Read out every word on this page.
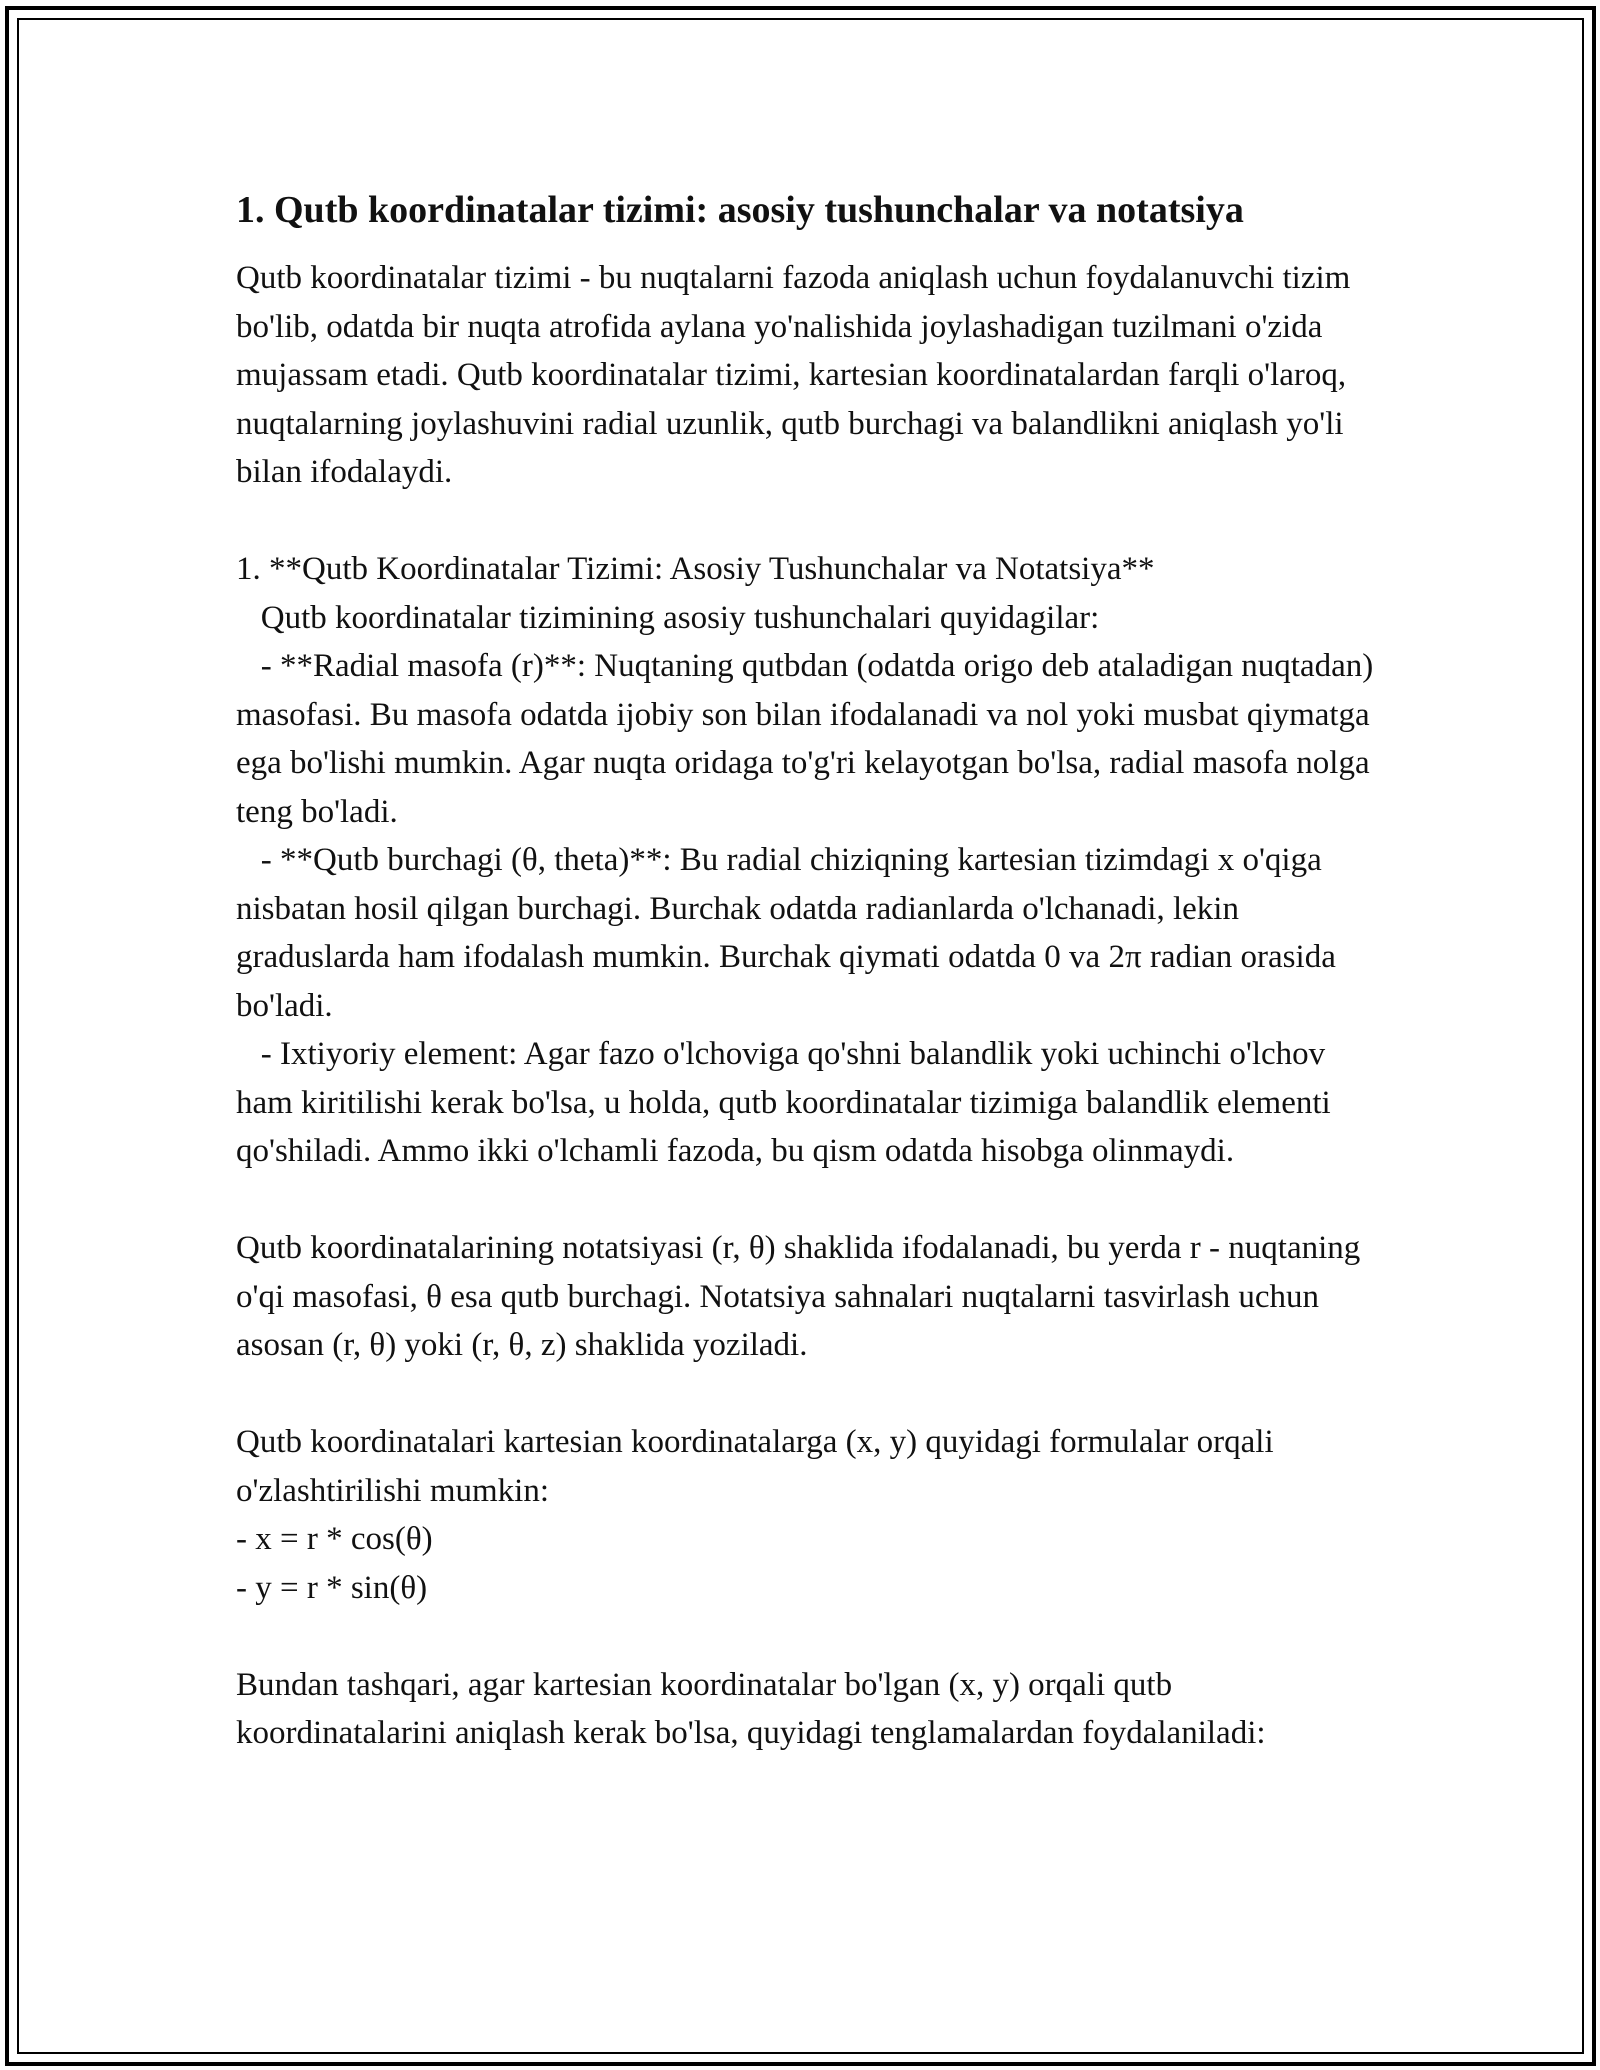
1. Qutb koordinatalar tizimi: asosiy tushunchalar va notatsiya

Qutb koordinatalar tizimi - bu nuqtalarni fazoda aniqlash uchun foydalanuvchi tizim bo'lib, odatda bir nuqta atrofida aylana yo'nalishida joylashadigan tuzilmani o'zida mujassam etadi. Qutb koordinatalar tizimi, kartesian koordinatalardan farqli o'laroq, nuqtalarning joylashuvini radial uzunlik, qutb burchagi va balandlikni aniqlash yo'li bilan ifodalaydi.

1. **Qutb Koordinatalar Tizimi: Asosiy Tushunchalar va Notatsiya**
Qutb koordinatalar tizimining asosiy tushunchalari quyidagilar:
- **Radial masofa (r)**: Nuqtaning qutbdan (odatda origo deb ataladigan nuqtadan) masofasi. Bu masofa odatda ijobiy son bilan ifodalanadi va nol yoki musbat qiymatga ega bo'lishi mumkin. Agar nuqta oridaga to'g'ri kelayotgan bo'lsa, radial masofa nolga teng bo'ladi.
- **Qutb burchagi (θ, theta)**: Bu radial chiziqning kartesian tizimdagi x o'qiga nisbatan hosil qilgan burchagi. Burchak odatda radianlarda o'lchanadi, lekin graduslarda ham ifodalash mumkin. Burchak qiymati odatda 0 va 2π radian orasida bo'ladi.
- Ixtiyoriy element: Agar fazo o'lchoviga qo'shni balandlik yoki uchinchi o'lchov ham kiritilishi kerak bo'lsa, u holda, qutb koordinatalar tizimiga balandlik elementi qo'shiladi. Ammo ikki o'lchamli fazoda, bu qism odatda hisobga olinmaydi.

Qutb koordinatalarining notatsiyasi (r, θ) shaklida ifodalanadi, bu yerda r - nuqtaning o'qi masofasi, θ esa qutb burchagi. Notatsiya sahnalari nuqtalarni tasvirlash uchun asosan (r, θ) yoki (r, θ, z) shaklida yoziladi.

Qutb koordinatalari kartesian koordinatalarga (x, y) quyidagi formulalar orqali o'zlashtirilishi mumkin:
- x = r * cos(θ)
- y = r * sin(θ)

Bundan tashqari, agar kartesian koordinatalar bo'lgan (x, y) orqali qutb koordinatalarini aniqlash kerak bo'lsa, quyidagi tenglamalardan foydalaniladi:
